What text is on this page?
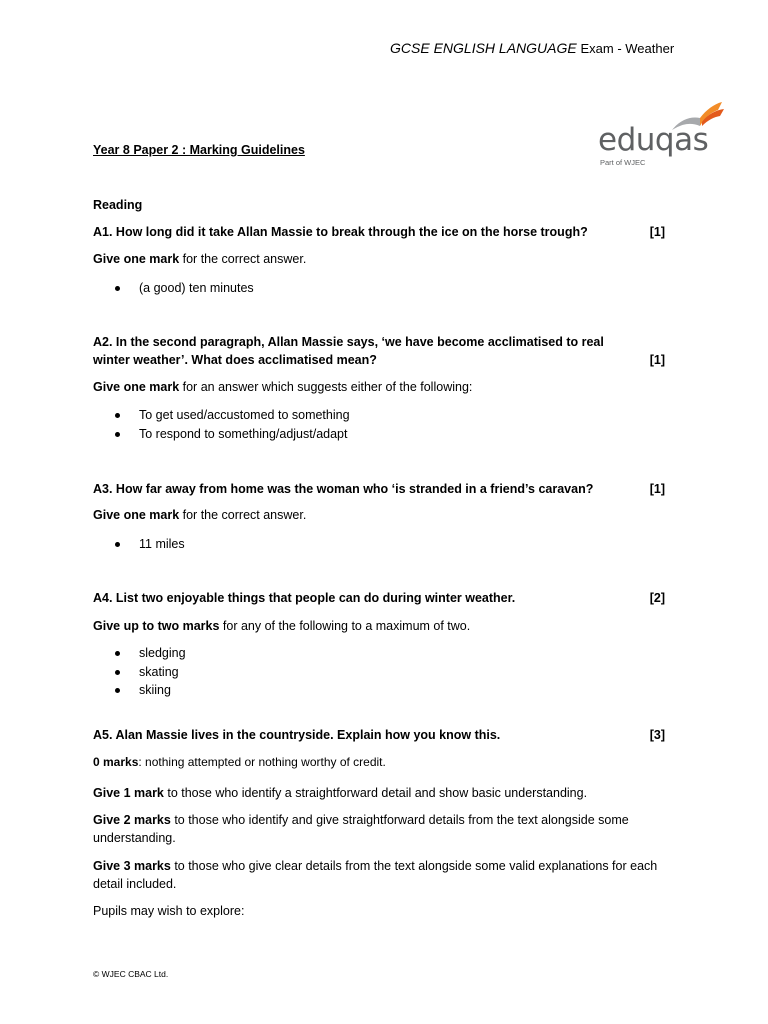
GCSE ENGLISH LANGUAGE Exam - Weather
eduqas
Part of WJEC
Year 8 Paper 2 : Marking Guidelines
Reading
A1. How long did it take Allan Massie to break through the ice on the horse trough?	[1]
Give one mark for the correct answer.
(a good) ten minutes
A2. In the second paragraph, Allan Massie says, ‘we have become acclimatised to real winter weather’. What does acclimatised mean?	[1]
Give one mark for an answer which suggests either of the following:
To get used/accustomed to something
To respond to something/adjust/adapt
A3. How far away from home was the woman who ‘is stranded in a friend’s caravan?	[1]
Give one mark for the correct answer.
11 miles
A4. List two enjoyable things that people can do during winter weather.	[2]
Give up to two marks for any of the following to a maximum of two.
sledging
skating
skiing
A5. Alan Massie lives in the countryside. Explain how you know this.	[3]
0 marks: nothing attempted or nothing worthy of credit.
Give 1 mark to those who identify a straightforward detail and show basic understanding.
Give 2 marks to those who identify and give straightforward details from the text alongside some understanding.
Give 3 marks to those who give clear details from the text alongside some valid explanations for each detail included.
Pupils may wish to explore:
© WJEC CBAC Ltd.
